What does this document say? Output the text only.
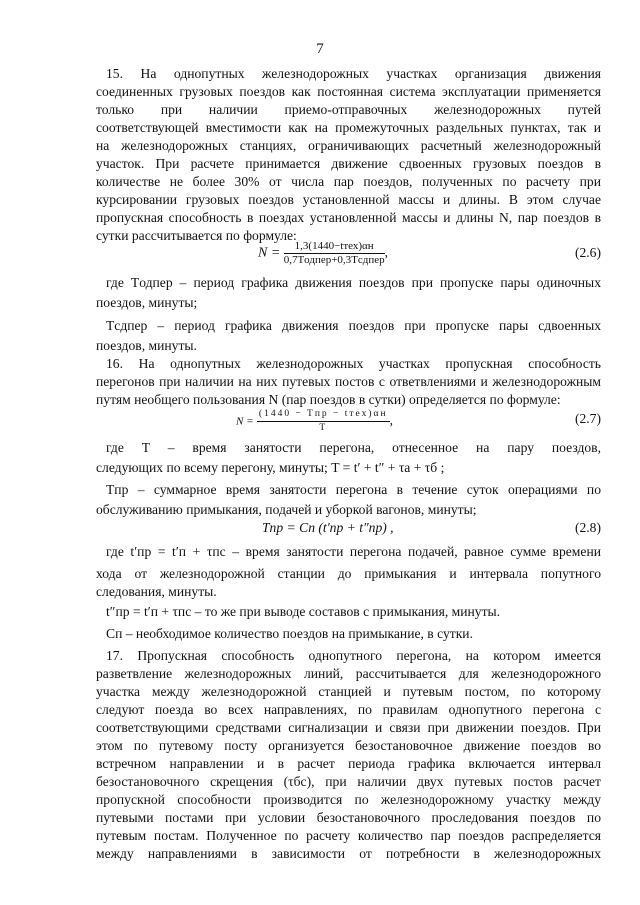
7
15. На однопутных железнодорожных участках организация движения
соединенных грузовых поездов как постоянная система эксплуатации применяется
только при наличии приемо-отправочных железнодорожных путей
соответствующей вместимости как на промежуточных раздельных пунктах, так и
на железнодорожных станциях, ограничивающих расчетный железнодорожный
участок. При расчете принимается движение сдвоенных грузовых поездов в
количестве не более 30% от числа пар поездов, полученных по расчету при
курсировании грузовых поездов установленной массы и длины. В этом случае
пропускная способность в поездах установленной массы и длины N, пар поездов в
сутки рассчитывается по формуле:
$N = \frac{\text{1,3(1440−tтех)αн}}{\text{0,7Tодпер+0,3Tсдпер}}$ ,	(2.6)
где Tодпер – период графика движения поездов при пропуске пары одиночных
поездов, минуты;
Tсдпер – период графика движения поездов при пропуске пары сдвоенных
поездов, минуты.
16. На однопутных железнодорожных участках пропускная способность
перегонов при наличии на них путевых постов с ответвлениями и железнодорожным
путям необщего пользования N (пар поездов в сутки) определяется по формуле:
$N = \frac{\text{(1440 − Tпр − tтех)αн}}{T}$ ,	(2.7)
где T – время занятости перегона, отнесенное на пару поездов,
следующих по всему перегону, минуты; T = t′ + t″ + τа + τб ;
Tпр – суммарное время занятости перегона в течение суток операциями по
обслуживанию примыкания, подачей и уборкой вагонов, минуты;
Tпр = Cп (t′пр + t″пр) ,	(2.8)
где t′пр = t′п + τпс – время занятости перегона подачей, равное сумме времени
хода от железнодорожной станции до примыкания и интервала попутного
следования, минуты.
t″пр = t′п + τпс – то же при выводе составов с примыкания, минуты.
Cп – необходимое количество поездов на примыкание, в сутки.
17. Пропускная способность однопутного перегона, на котором имеется
разветвление железнодорожных линий, рассчитывается для железнодорожного
участка между железнодорожной станцией и путевым постом, по которому
следуют поезда во всех направлениях, по правилам однопутного перегона с
соответствующими средствами сигнализации и связи при движении поездов. При
этом по путевому посту организуется безостановочное движение поездов во
встречном направлении и в расчет периода графика включается интервал
безостановочного скрещения (τбс), при наличии двух путевых постов расчет
пропускной способности производится по железнодорожному участку между
путевыми постами при условии безостановочного проследования поездов по
путевым постам. Полученное по расчету количество пар поездов распределяется
между направлениями в зависимости от потребности в железнодорожных
